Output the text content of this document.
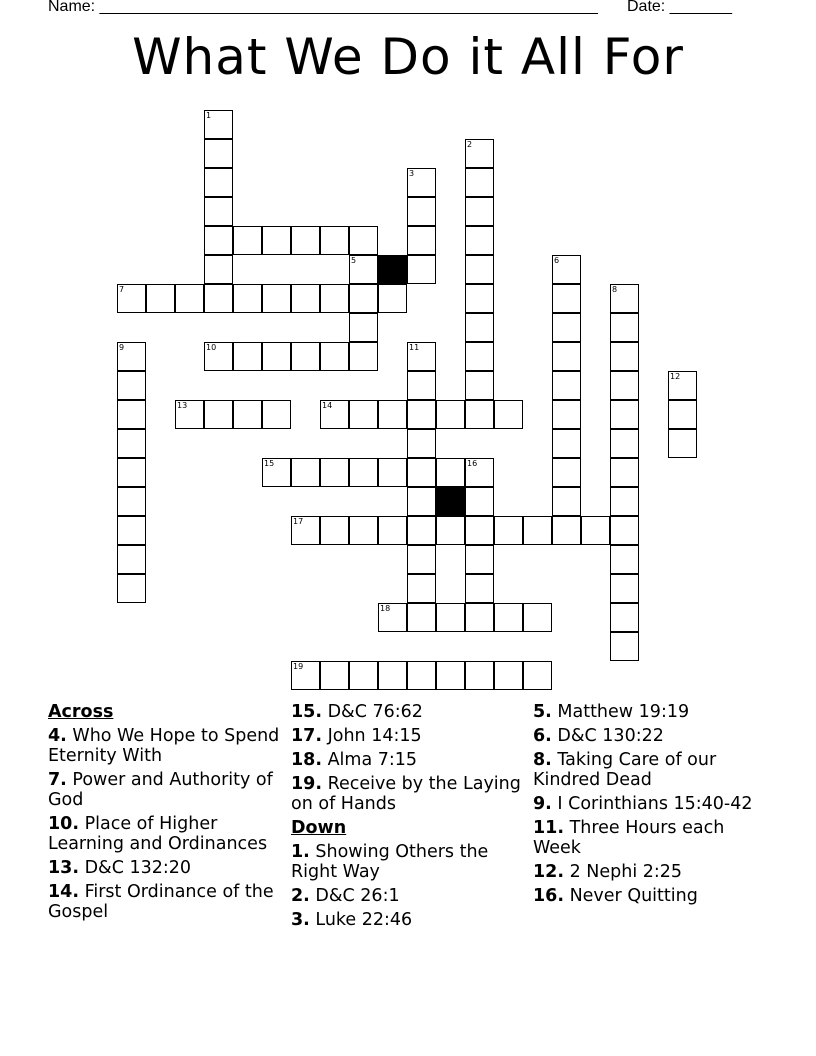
Name: ________________________________________________________ Date: _______
What We Do it All For
7
10
13	14
15	16
17
18
19
1
2
3
5	6
8
9	11
12
Across
4. Who We Hope to Spend Eternity With
7. Power and Authority of God
10. Place of Higher Learning and Ordinances
13. D&C 132:20
14. First Ordinance of the Gospel
15. D&C 76:62
17. John 14:15
18. Alma 7:15
19. Receive by the Laying on of Hands
Down
1. Showing Others the Right Way
2. D&C 26:1
3. Luke 22:46
5. Matthew 19:19
6. D&C 130:22
8. Taking Care of our Kindred Dead
9. I Corinthians 15:40-42
11. Three Hours each Week
12. 2 Nephi 2:25
16. Never Quitting
